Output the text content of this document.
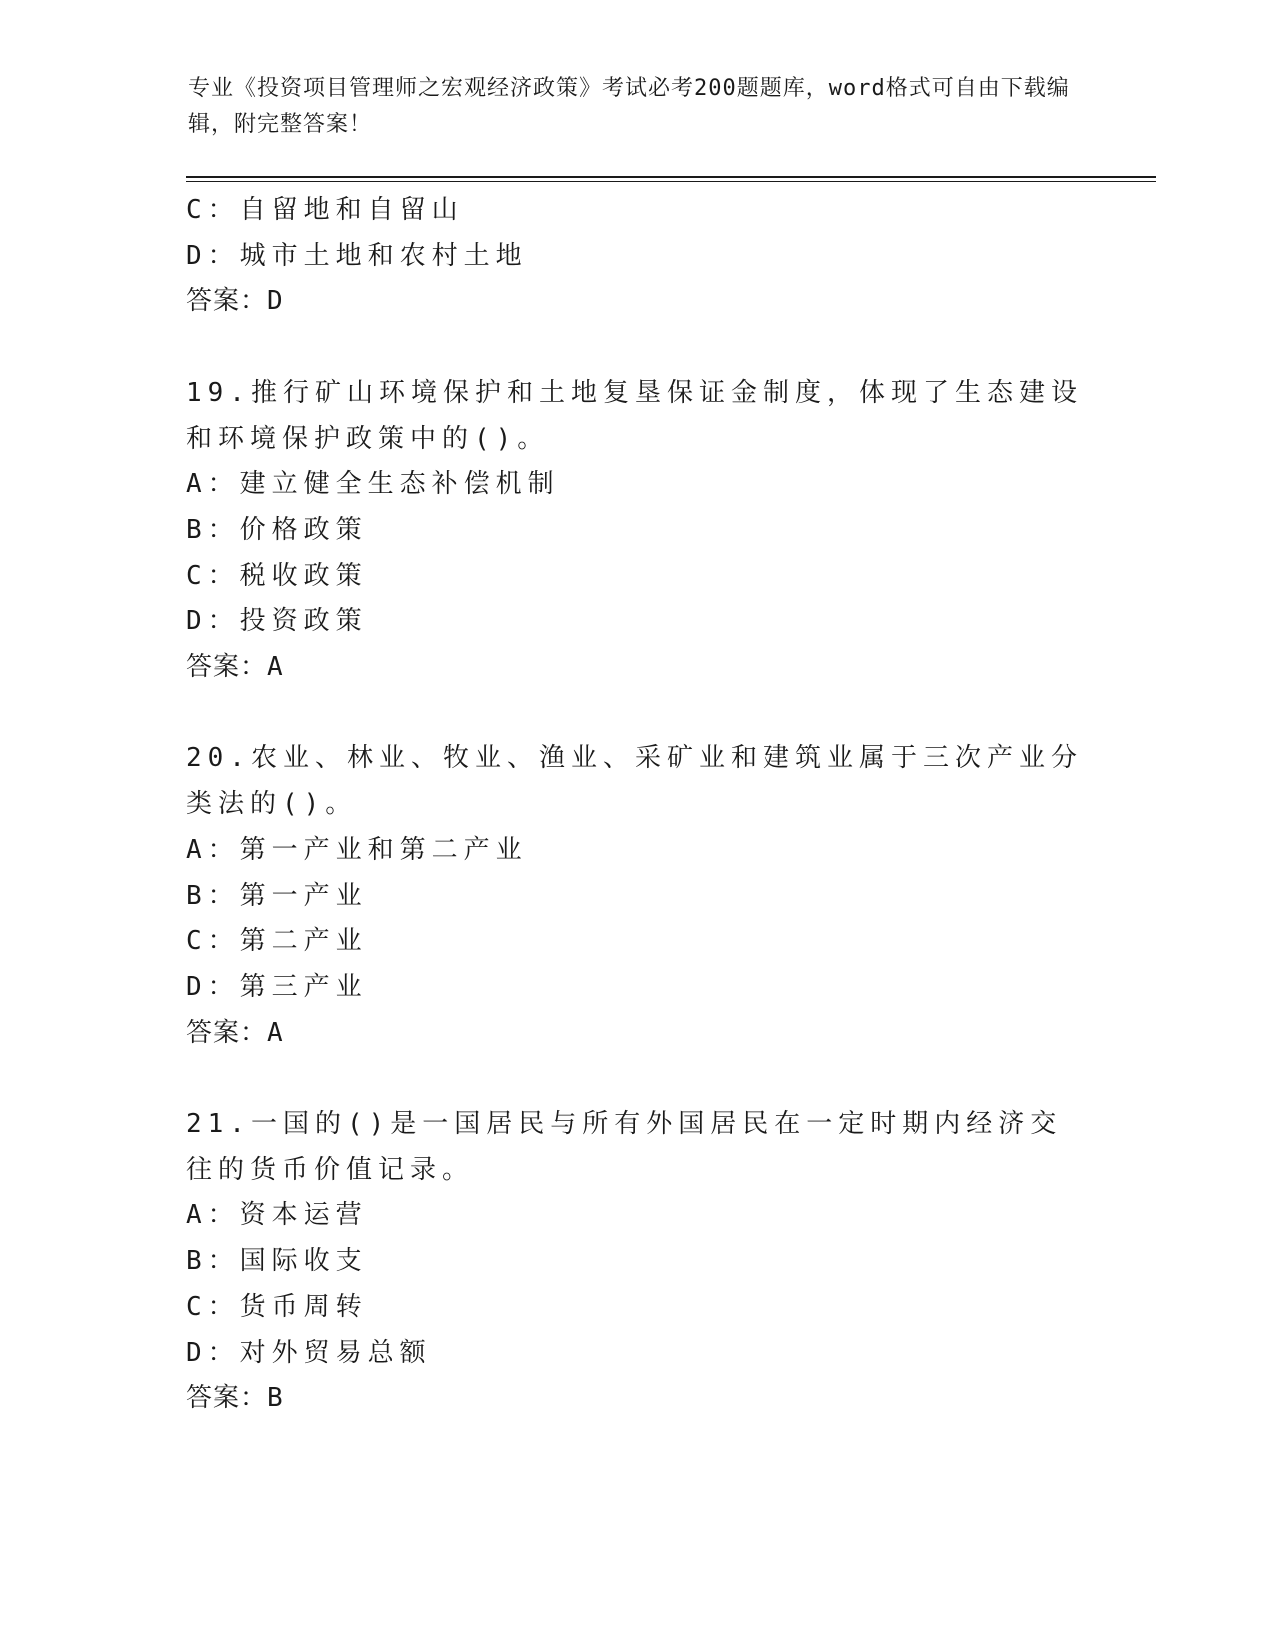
专业《投资项目管理师之宏观经济政策》考试必考200题题库，word格式可自由下载编辑，附完整答案！
C：自留地和自留山
D：城市土地和农村土地
答案：D
19.推行矿山环境保护和土地复垦保证金制度，体现了生态建设和环境保护政策中的()。
A：建立健全生态补偿机制
B：价格政策
C：税收政策
D：投资政策
答案：A
20.农业、林业、牧业、渔业、采矿业和建筑业属于三次产业分类法的()。
A：第一产业和第二产业
B：第一产业
C：第二产业
D：第三产业
答案：A
21.一国的()是一国居民与所有外国居民在一定时期内经济交往的货币价值记录。
A：资本运营
B：国际收支
C：货币周转
D：对外贸易总额
答案：B
